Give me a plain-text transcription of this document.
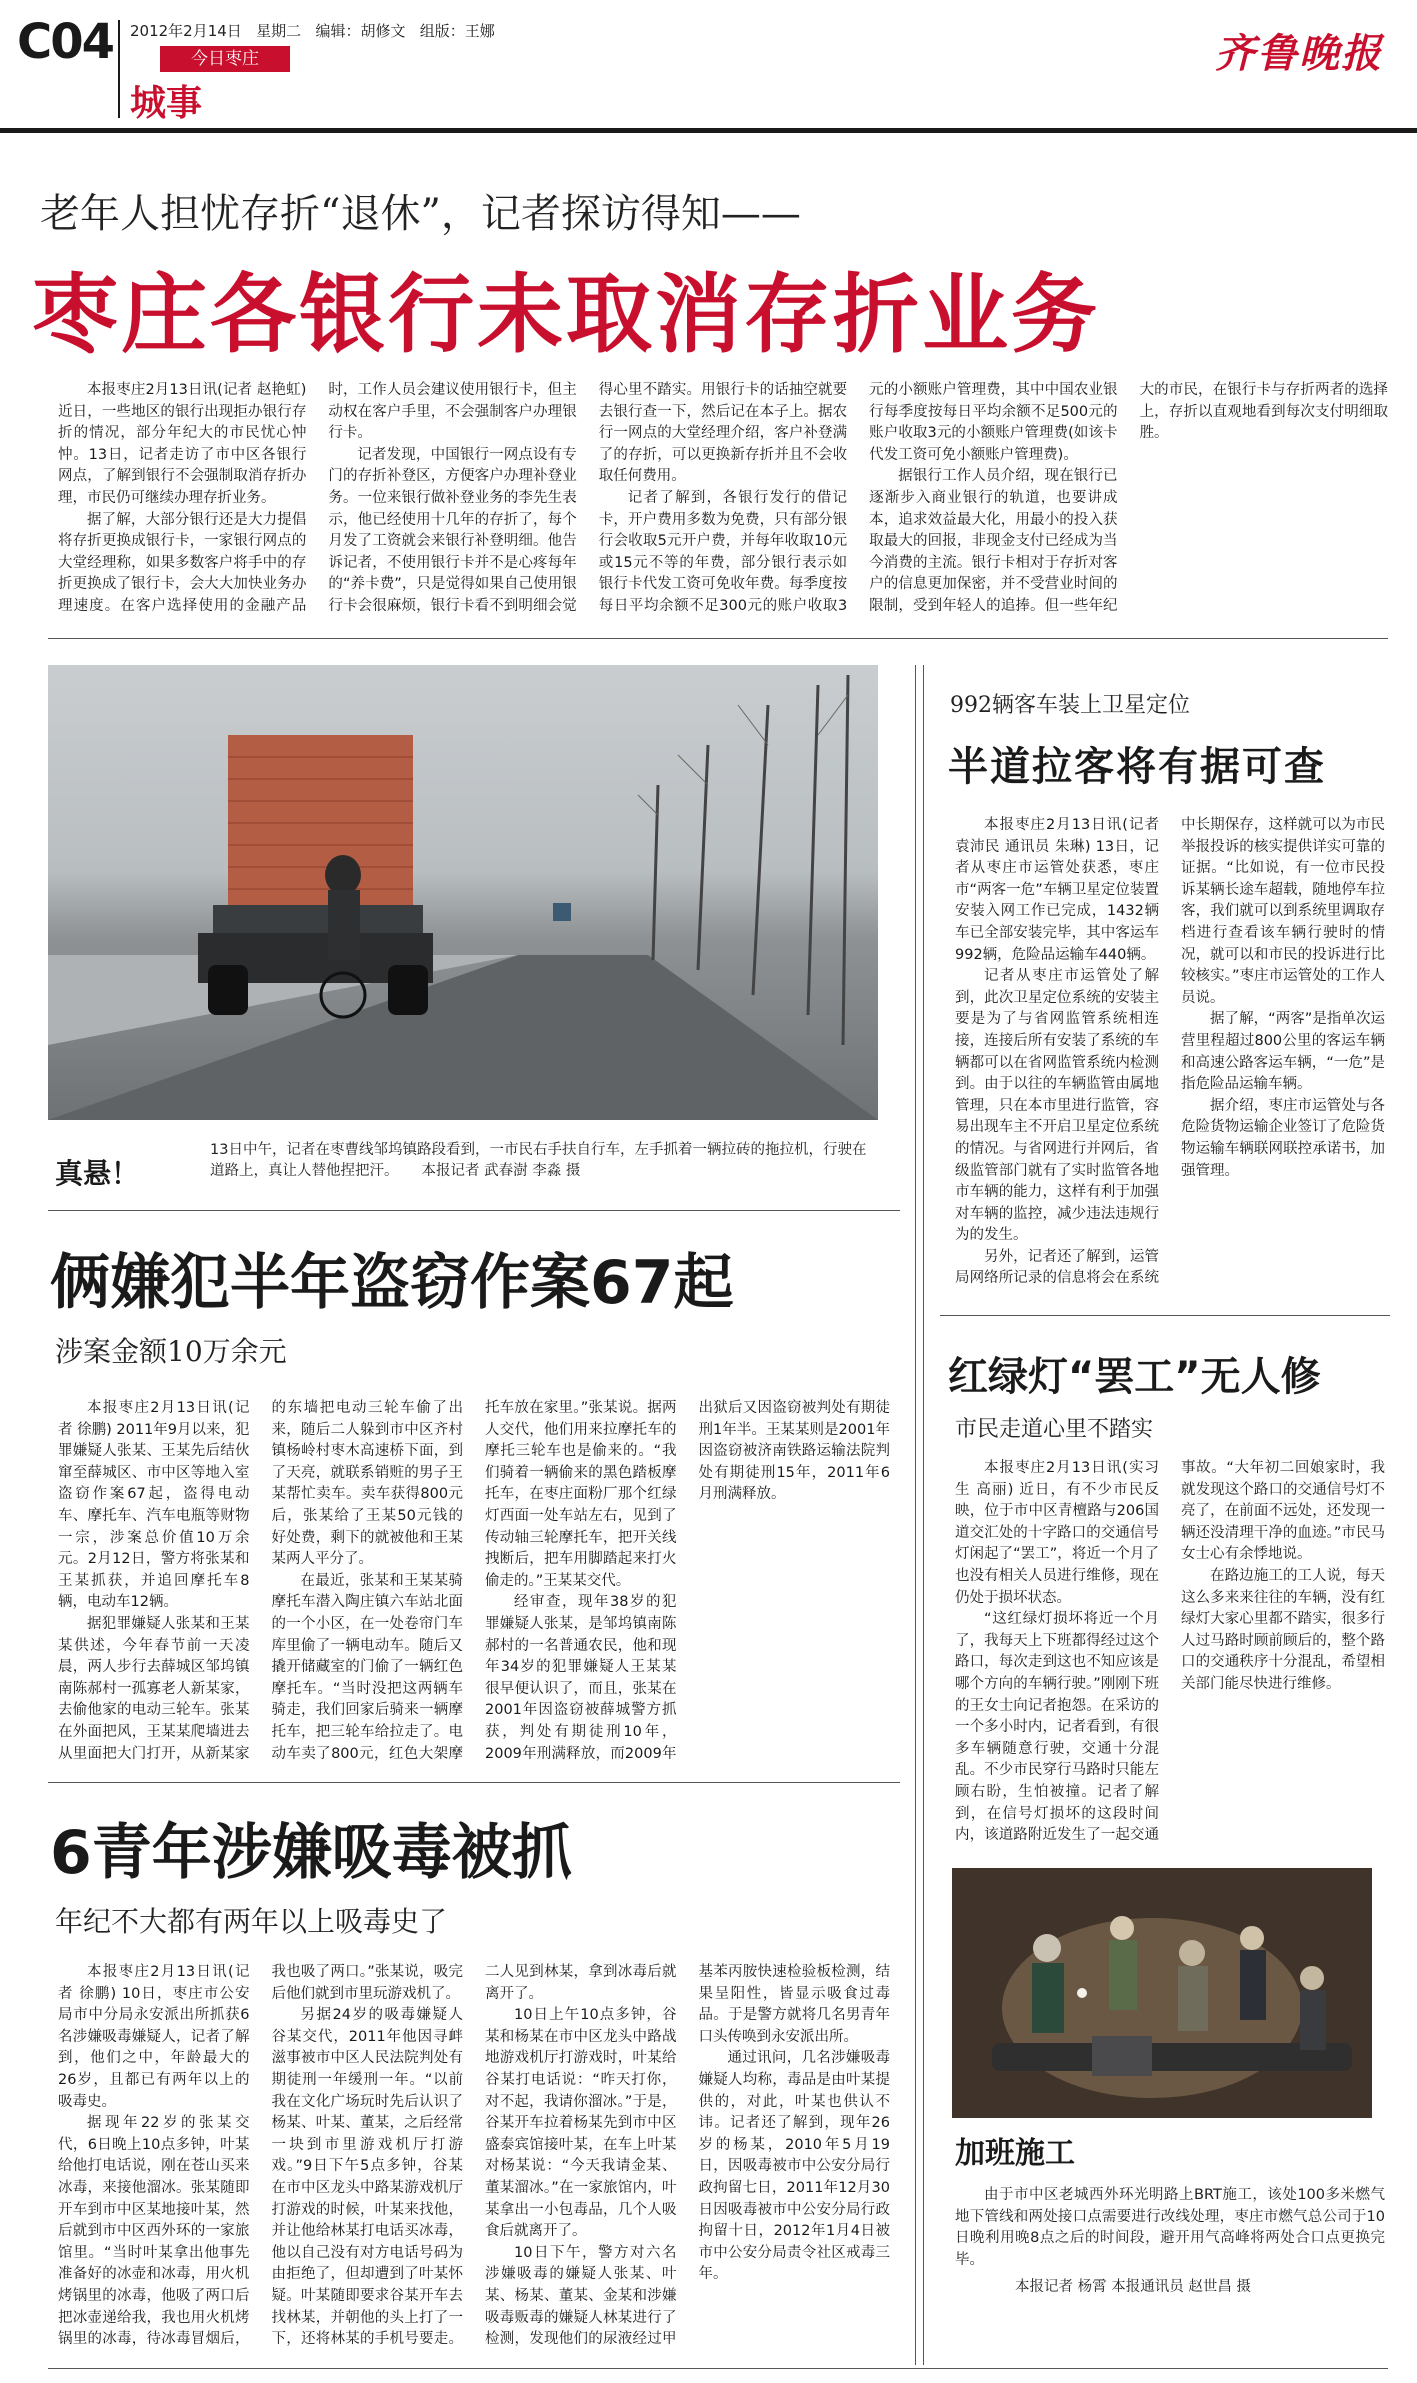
C04 2012年2月14日 星期二 编辑：胡修文 组版：王娜
今日枣庄
城事
齐鲁晚报
老年人担忧存折“退休”，记者探访得知——
枣庄各银行未取消存折业务

本报枣庄2月13日讯(记者 赵艳虹) 近日，一些地区的银行出现拒办银行存折的情况，部分年纪大的市民忧心忡忡。13日，记者走访了市中区各银行网点，了解到银行不会强制取消存折办理，市民仍可继续办理存折业务。

据了解，大部分银行还是大力提倡将存折更换成银行卡，一家银行网点的大堂经理称，如果多数客户将手中的存折更换成了银行卡，会大大加快业务办理速度。在客户选择使用的金融产品时，工作人员会建议使用银行卡，但主动权在客户手里，不会强制客户办理银行卡。

记者发现，中国银行一网点设有专门的存折补登区，方便客户办理补登业务。一位来银行做补登业务的李先生表示，他已经使用十几年的存折了，每个月发了工资就会来银行补登明细。他告诉记者，不使用银行卡并不是心疼每年的“养卡费”，只是觉得如果自己使用银行卡会很麻烦，银行卡看不到明细会觉得心里不踏实。用银行卡的话抽空就要去银行查一下，然后记在本子上。据农行一网点的大堂经理介绍，客户补登满了的存折，可以更换新存折并且不会收取任何费用。

记者了解到，各银行发行的借记卡，开户费用多数为免费，只有部分银行会收取5元开户费，并每年收取10元或15元不等的年费，部分银行表示如银行卡代发工资可免收年费。每季度按每日平均余额不足300元的账户收取3元的小额账户管理费，其中中国农业银行每季度按每日平均余额不足500元的账户收取3元的小额账户管理费(如该卡代发工资可免小额账户管理费)。

据银行工作人员介绍，现在银行已逐渐步入商业银行的轨道，也要讲成本，追求效益最大化，用最小的投入获取最大的回报，非现金支付已经成为当今消费的主流。银行卡相对于存折对客户的信息更加保密，并不受营业时间的限制，受到年轻人的追捧。但一些年纪大的市民，在银行卡与存折两者的选择上，存折以直观地看到每次支付明细取胜。

真悬！
13日中午，记者在枣曹线邹坞镇路段看到，一市民右手扶自行车，左手抓着一辆拉砖的拖拉机，行驶在道路上，真让人替他捏把汗。 本报记者 武春澍 李淼 摄
俩嫌犯半年盗窃作案67起
涉案金额10万余元

本报枣庄2月13日讯(记者 徐鹏) 2011年9月以来，犯罪嫌疑人张某、王某先后结伙窜至薛城区、市中区等地入室盗窃作案67起，盗得电动车、摩托车、汽车电瓶等财物一宗，涉案总价值10万余元。2月12日，警方将张某和王某抓获，并追回摩托车8辆，电动车12辆。

据犯罪嫌疑人张某和王某某供述，今年春节前一天凌晨，两人步行去薛城区邹坞镇南陈郝村一孤寡老人新某家，去偷他家的电动三轮车。张某在外面把风，王某某爬墙进去从里面把大门打开，从新某家的东墙把电动三轮车偷了出来，随后二人躲到市中区齐村镇杨岭村枣木高速桥下面，到了天亮，就联系销赃的男子王某帮忙卖车。卖车获得800元后，张某给了王某50元钱的好处费，剩下的就被他和王某某两人平分了。

在最近，张某和王某某骑摩托车潜入陶庄镇六车站北面的一个小区，在一处卷帘门车库里偷了一辆电动车。随后又撬开储藏室的门偷了一辆红色摩托车。“当时没把这两辆车骑走，我们回家后骑来一辆摩托车，把三轮车给拉走了。电动车卖了800元，红色大架摩托车放在家里。”张某说。据两人交代，他们用来拉摩托车的摩托三轮车也是偷来的。“我们骑着一辆偷来的黑色踏板摩托车，在枣庄面粉厂那个红绿灯西面一处车站左右，见到了传动轴三轮摩托车，把开关线拽断后，把车用脚踏起来打火偷走的。”王某某交代。

经审查，现年38岁的犯罪嫌疑人张某，是邹坞镇南陈郝村的一名普通农民，他和现年34岁的犯罪嫌疑人王某某很早便认识了，而且，张某在2001年因盗窃被薛城警方抓获，判处有期徒刑10年，2009年刑满释放，而2009年出狱后又因盗窃被判处有期徒刑1年半。王某某则是2001年因盗窃被济南铁路运输法院判处有期徒刑15年，2011年6月刑满释放。

6青年涉嫌吸毒被抓
年纪不大都有两年以上吸毒史了

本报枣庄2月13日讯(记者 徐鹏) 10日，枣庄市公安局市中分局永安派出所抓获6名涉嫌吸毒嫌疑人，记者了解到，他们之中，年龄最大的26岁，且都已有两年以上的吸毒史。

据现年22岁的张某交代，6日晚上10点多钟，叶某给他打电话说，刚在苍山买来冰毒，来接他溜冰。张某随即开车到市中区某地接叶某，然后就到市中区西外环的一家旅馆里。“当时叶某拿出他事先准备好的冰壶和冰毒，用火机烤锅里的冰毒，他吸了两口后把冰壶递给我，我也用火机烤锅里的冰毒，待冰毒冒烟后，我也吸了两口。”张某说，吸完后他们就到市里玩游戏机了。

另据24岁的吸毒嫌疑人谷某交代，2011年他因寻衅滋事被市中区人民法院判处有期徒刑一年缓刑一年。“以前我在文化广场玩时先后认识了杨某、叶某、董某，之后经常一块到市里游戏机厅打游戏。”9日下午5点多钟，谷某在市中区龙头中路某游戏机厅打游戏的时候，叶某来找他，并让他给林某打电话买冰毒，他以自己没有对方电话号码为由拒绝了，但却遭到了叶某怀疑。叶某随即要求谷某开车去找林某，并朝他的头上打了一下，还将林某的手机号要走。二人见到林某，拿到冰毒后就离开了。

10日上午10点多钟，谷某和杨某在市中区龙头中路战地游戏机厅打游戏时，叶某给谷某打电话说：“昨天打你，对不起，我请你溜冰。”于是，谷某开车拉着杨某先到市中区盛泰宾馆接叶某，在车上叶某对杨某说：“今天我请金某、董某溜冰。”在一家旅馆内，叶某拿出一小包毒品，几个人吸食后就离开了。

10日下午，警方对六名涉嫌吸毒的嫌疑人张某、叶某、杨某、董某、金某和涉嫌吸毒贩毒的嫌疑人林某进行了检测，发现他们的尿液经过甲基苯丙胺快速检验板检测，结果呈阳性，皆显示吸食过毒品。于是警方就将几名男青年口头传唤到永安派出所。

通过讯问，几名涉嫌吸毒嫌疑人均称，毒品是由叶某提供的，对此，叶某也供认不讳。记者还了解到，现年26岁的杨某，2010年5月19日，因吸毒被市中公安分局行政拘留七日，2011年12月30日因吸毒被市中公安分局行政拘留十日，2012年1月4日被市中公安分局责令社区戒毒三年。

992辆客车装上卫星定位
半道拉客将有据可查

本报枣庄2月13日讯(记者 袁沛民 通讯员 朱琳) 13日，记者从枣庄市运管处获悉，枣庄市“两客一危”车辆卫星定位装置安装入网工作已完成，1432辆车已全部安装完毕，其中客运车992辆，危险品运输车440辆。

记者从枣庄市运管处了解到，此次卫星定位系统的安装主要是为了与省网监管系统相连接，连接后所有安装了系统的车辆都可以在省网监管系统内检测到。由于以往的车辆监管由属地管理，只在本市里进行监管，容易出现车主不开启卫星定位系统的情况。与省网进行并网后，省级监管部门就有了实时监管各地市车辆的能力，这样有利于加强对车辆的监控，减少违法违规行为的发生。

另外，记者还了解到，运管局网络所记录的信息将会在系统中长期保存，这样就可以为市民举报投诉的核实提供详实可靠的证据。“比如说，有一位市民投诉某辆长途车超载，随地停车拉客，我们就可以到系统里调取存档进行查看该车辆行驶时的情况，就可以和市民的投诉进行比较核实。”枣庄市运管处的工作人员说。

据了解，“两客”是指单次运营里程超过800公里的客运车辆和高速公路客运车辆，“一危”是指危险品运输车辆。

据介绍，枣庄市运管处与各危险货物运输企业签订了危险货物运输车辆联网联控承诺书，加强管理。

红绿灯“罢工”无人修
市民走道心里不踏实

本报枣庄2月13日讯(实习生 高丽) 近日，有不少市民反映，位于市中区青檀路与206国道交汇处的十字路口的交通信号灯闲起了“罢工”，将近一个月了也没有相关人员进行维修，现在仍处于损坏状态。

“这红绿灯损坏将近一个月了，我每天上下班都得经过这个路口，每次走到这也不知应该是哪个方向的车辆行驶。”刚刚下班的王女士向记者抱怨。在采访的一个多小时内，记者看到，有很多车辆随意行驶，交通十分混乱。不少市民穿行马路时只能左顾右盼，生怕被撞。记者了解到，在信号灯损坏的这段时间内，该道路附近发生了一起交通事故。“大年初二回娘家时，我就发现这个路口的交通信号灯不亮了，在前面不远处，还发现一辆还没清理干净的血迹。”市民马女士心有余悸地说。

在路边施工的工人说，每天这么多来来往往的车辆，没有红绿灯大家心里都不踏实，很多行人过马路时顾前顾后的，整个路口的交通秩序十分混乱，希望相关部门能尽快进行维修。

加班施工
由于市中区老城西外环光明路上BRT施工，该处100多米燃气地下管线和两处接口点需要进行改线处理，枣庄市燃气总公司于10日晚利用晚8点之后的时间段，避开用气高峰将两处合口点更换完毕。
本报记者 杨霄 本报通讯员 赵世昌 摄
